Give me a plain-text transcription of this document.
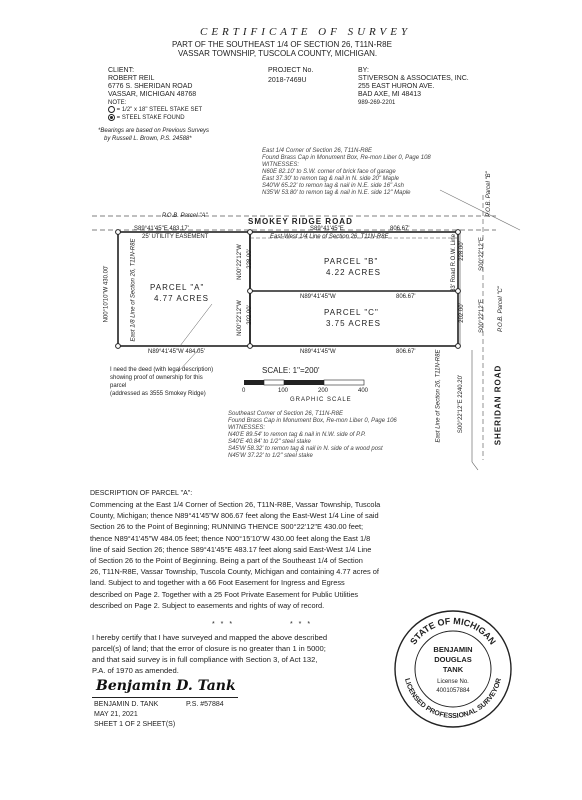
CERTIFICATE OF SURVEY
PART OF THE SOUTHEAST 1/4 OF SECTION 26, T11N-R8E
VASSAR TOWNSHIP, TUSCOLA COUNTY, MICHIGAN.
CLIENT:
ROBERT REIL
6776 S. SHERIDAN ROAD
VASSAR, MICHIGAN 48768
PROJECT No.
2018-7469U
BY:
STIVERSON & ASSOCIATES, INC.
255 EAST HURON AVE.
BAD AXE, MI 48413
989-269-2201
NOTE:
= 1/2" x 18" STEEL STAKE SET
= STEEL STAKE FOUND
*Bearings are based on Previous Surveys
by Russell L. Brown, P.S. 24588*
East 1/4 Corner of Section 26, T11N-R8E
Found Brass Cap in Monument Box, Re-mon Liber 0, Page 108
WITNESSES:
N60E 82.10' to S.W. corner of brick face of garage
East 37.30' to remon tag & nail in N. side 20" Maple
S40'W 65.22' to remon tag & nail in N.E. side 16" Ash
N35'W 53.80' to remon tag & nail in N.E. side 12" Maple
SMOKEY RIDGE ROAD
P.O.B. Parcel "A"
S89°41'45"E 483.17'	S89°41'45"E	806.67'
25' UTILITY EASEMENT	East-West 1/4 Line of Section 26, T11N-R8E
N00°10'10"W 430.00'	East 1/8 Line of Section 26, T11N-R8E PARCEL "A"
4.77 ACRES
PARCEL "B"
4.22 ACRES
PARCEL "C"
3.75 ACRES
N89°41'45"W	806.67'
N89°41'45"W 484.05'	N89°41'45"W	806.67'
N00°22'12"W 228.00'
N00°22'12"W 202.00'
S00°22'12"E
228.00'
S00°22'12"E
202.00'
33' Road R.O.W. Line
P.O.B. Parcel "B"
P.O.B. Parcel "C"
East Line of Section 26, T11N-R8E	S00°22'12"E 2240.20'	SHERIDAN ROAD
I need the deed (with legal description)
showing proof of ownership for this
parcel
(addressed as 3555 Smokey Ridge)
SCALE: 1"=200'
0	100	200	400
GRAPHIC SCALE
Southeast Corner of Section 26, T11N-R8E
Found Brass Cap in Monument Box, Re-mon Liber 0, Page 106
WITNESSES:
N40'E 89.54' to remon tag & nail in N.W. side of P.P.
S40'E 40.84' to 1/2" steel stake
S45'W 58.32' to remon tag & nail in N. side of a wood post
N45'W 37.22' to 1/2" steel stake
DESCRIPTION OF PARCEL "A":
Commencing at the East 1/4 Corner of Section 26, T11N-R8E, Vassar Township, Tuscola
County, Michigan; thence N89°41'45"W 806.67 feet along the East-West 1/4 Line of said
Section 26 to the Point of Beginning; RUNNING THENCE S00°22'12"E 430.00 feet;
thence N89°41'45"W 484.05 feet; thence N00°15'10"W 430.00 feet along the East 1/8
line of said Section 26; thence S89°41'45"E 483.17 feet along said East-West 1/4 Line
of Section 26 to the Point of Beginning. Being a part of the Southeast 1/4 of Section
26, T11N-R8E, Vassar Township, Tuscola County, Michigan and containing 4.77 acres of
land. Subject to and together with a 66 Foot Easement for Ingress and Egress
described on Page 2. Together with a 25 Foot Private Easement for Public Utilities
described on Page 2. Subject to easements and rights of way of record.
* * *	* * *
I hereby certify that I have surveyed and mapped the above described
parcel(s) of land; that the error of closure is no greater than 1 in 5000;
and that said survey is in full compliance with Section 3, of Act 132,
P.A. of 1970 as amended.
Benjamin D. Tank
BENJAMIN D. TANK	P.S. #57884
MAY 21, 2021
SHEET 1 OF 2 SHEET(S)
STATE OF MICHIGAN
LICENSED PROFESSIONAL SURVEYOR
BENJAMIN
DOUGLAS
TANK
License No.
4001057884
